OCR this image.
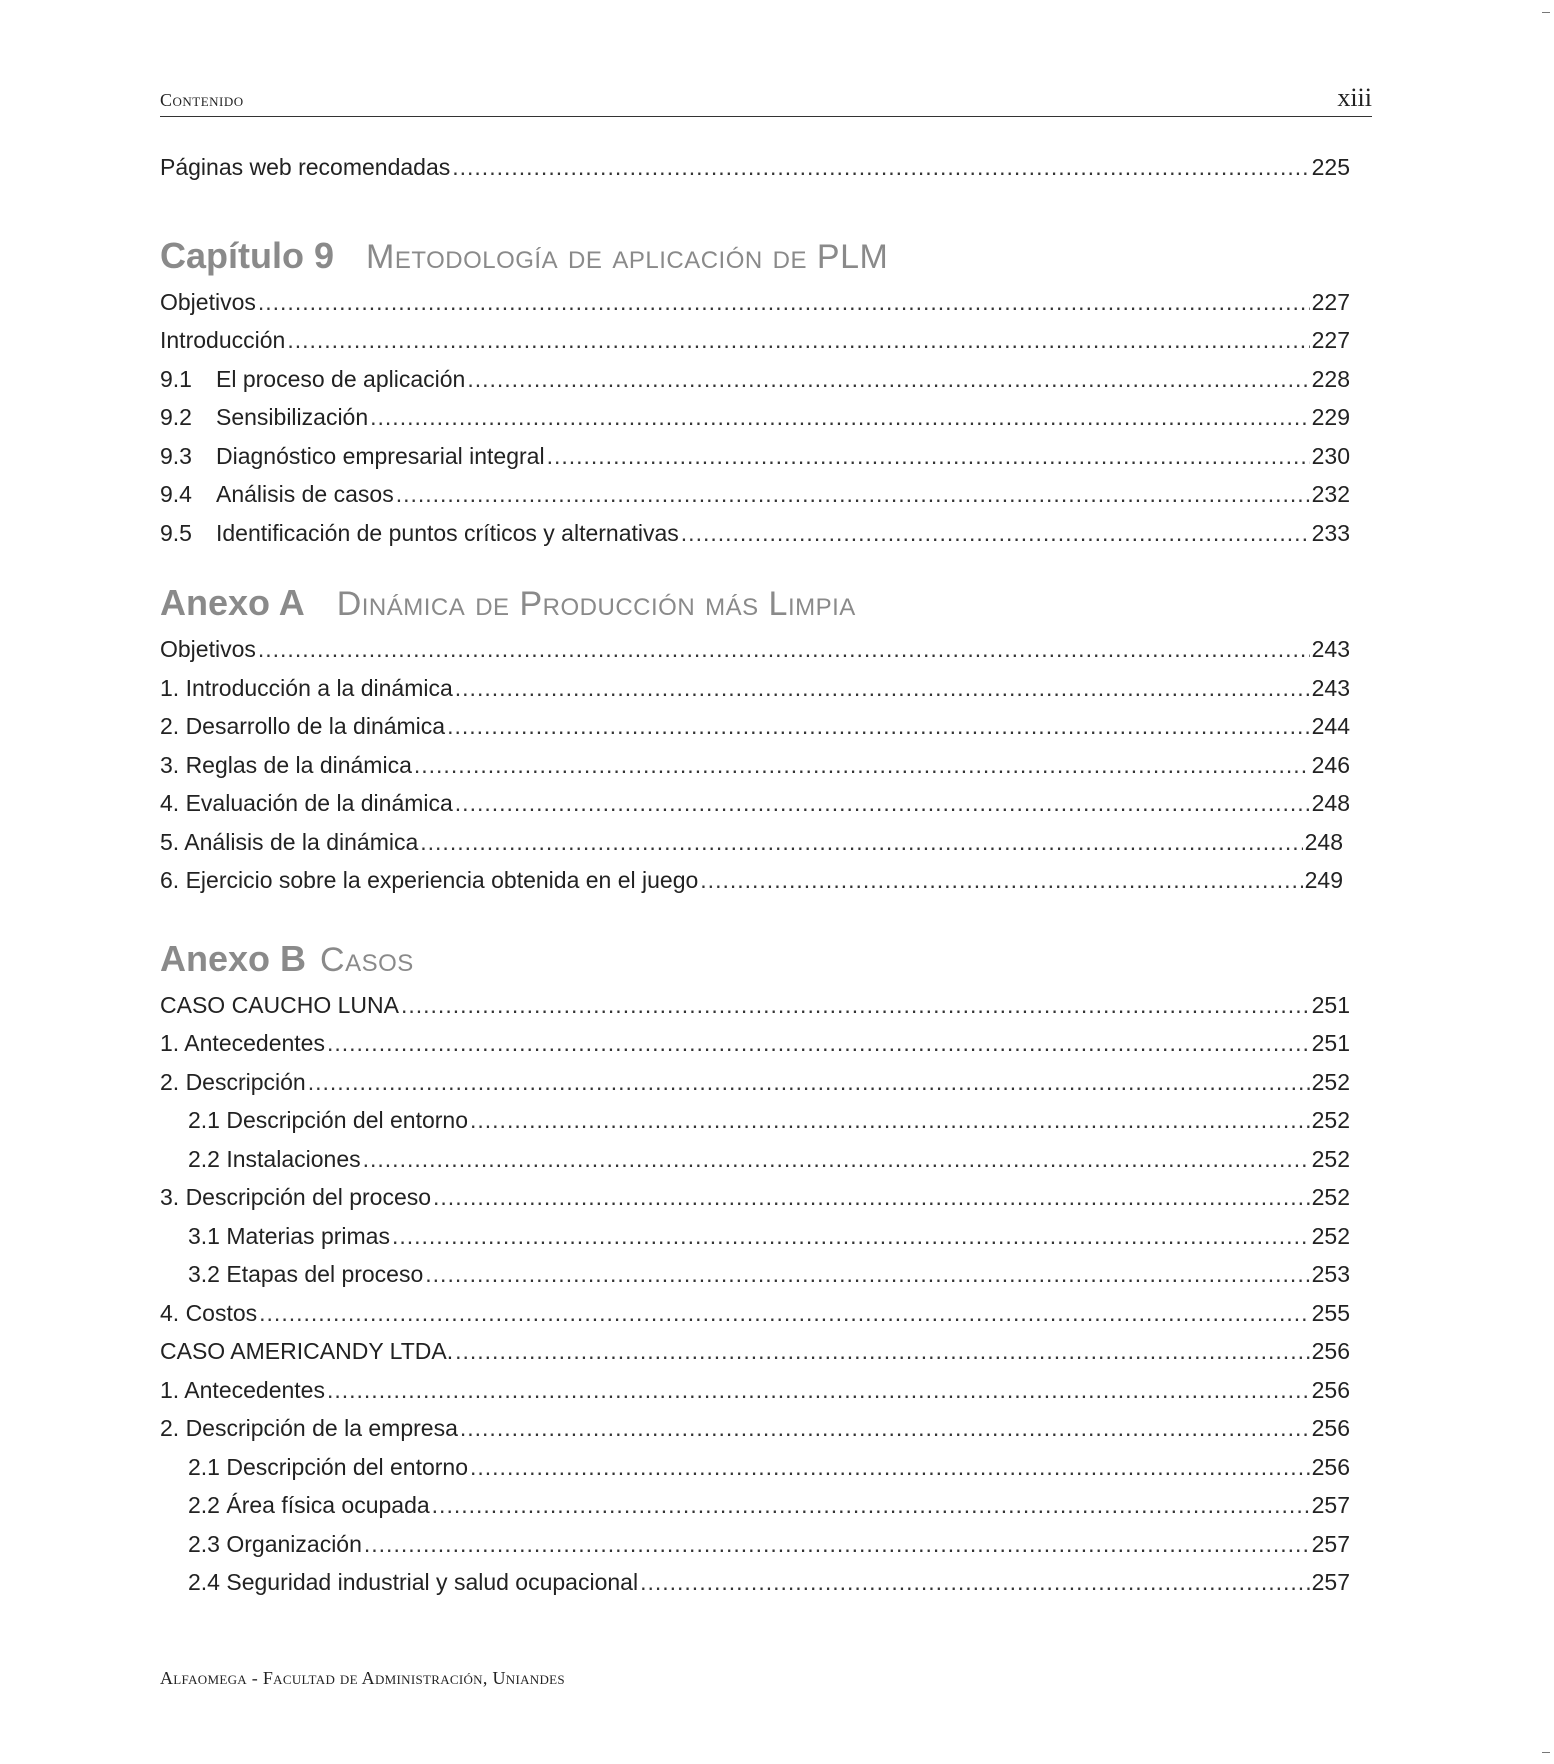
Contenido	xiii
Páginas web recomendadas .....	225
Capítulo 9 Metodología de aplicación de PLM
Objetivos .....	227
Introducción .....	227
9.1	El proceso de aplicación .....	228
9.2	Sensibilización .....	229
9.3	Diagnóstico empresarial integral .....	230
9.4	Análisis de casos .....	232
9.5	Identificación de puntos críticos y alternativas .....	233
Anexo A Dinámica de Producción más Limpia
Objetivos .....	243
1. Introducción a la dinámica .....	243
2. Desarrollo de la dinámica .....	244
3. Reglas de la dinámica .....	246
4. Evaluación de la dinámica .....	248
5. Análisis de la dinámica .....	248
6. Ejercicio sobre la experiencia obtenida en el juego .....	249
Anexo B Casos
CASO CAUCHO LUNA .....	251
1. Antecedentes .....	251
2. Descripción .....	252
2.1 Descripción del entorno .....	252
2.2 Instalaciones .....	252
3. Descripción del proceso .....	252
3.1 Materias primas .....	252
3.2 Etapas del proceso .....	253
4. Costos .....	255
CASO AMERICANDY LTDA. .....	256
1. Antecedentes .....	256
2. Descripción de la empresa .....	256
2.1 Descripción del entorno .....	256
2.2 Área física ocupada .....	257
2.3 Organización .....	257
2.4 Seguridad industrial y salud ocupacional .....	257
Alfaomega - Facultad de Administración, Uniandes
